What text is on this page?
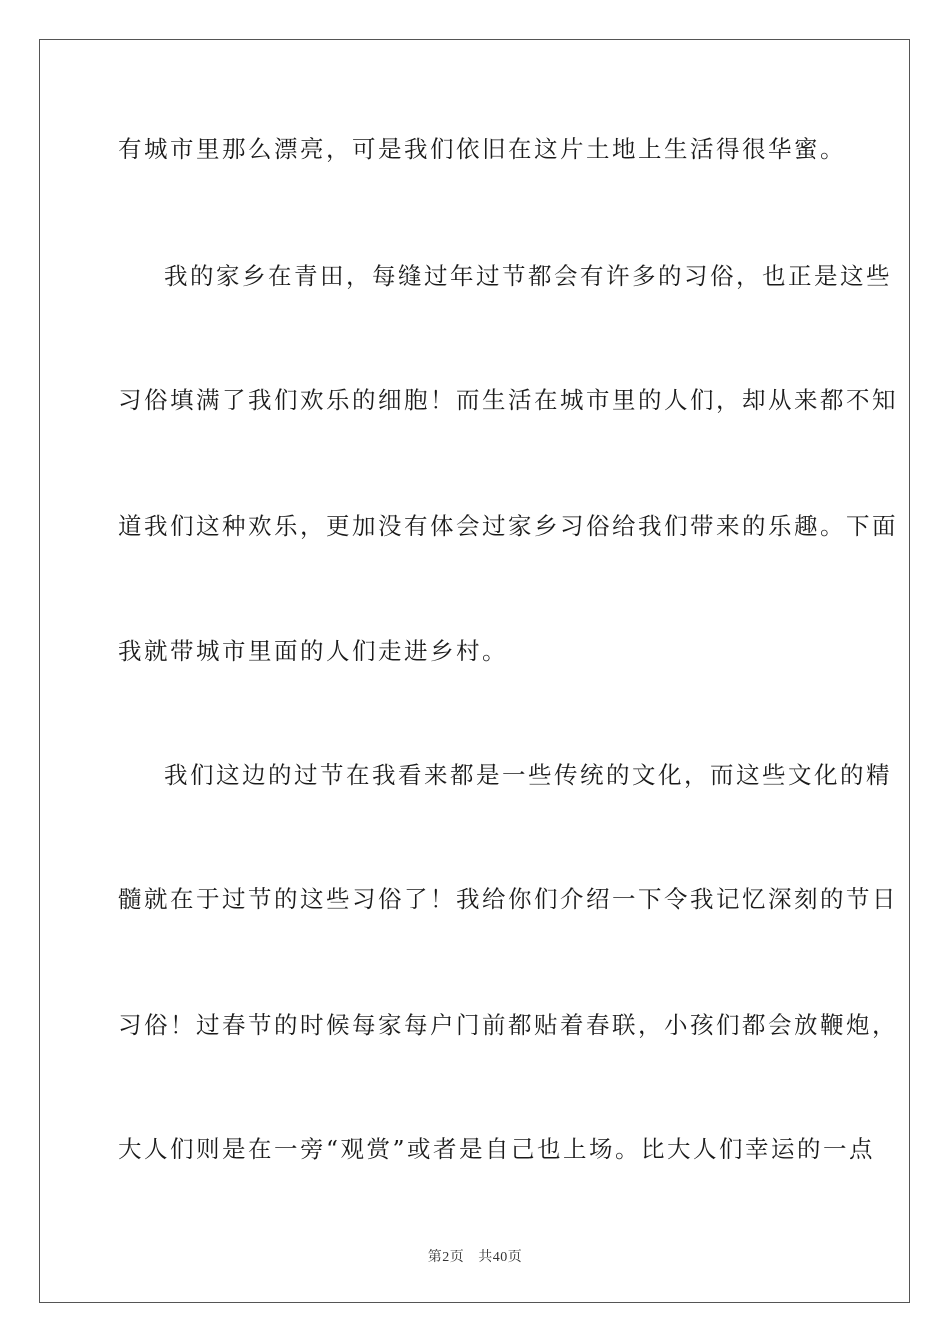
有城市里那么漂亮，可是我们依旧在这片土地上生活得很华蜜。
我的家乡在青田，每缝过年过节都会有许多的习俗，也正是这些
习俗填满了我们欢乐的细胞！而生活在城市里的人们，却从来都不知
道我们这种欢乐，更加没有体会过家乡习俗给我们带来的乐趣。下面
我就带城市里面的人们走进乡村。
我们这边的过节在我看来都是一些传统的文化，而这些文化的精
髓就在于过节的这些习俗了！我给你们介绍一下令我记忆深刻的节日
习俗！过春节的时候每家每户门前都贴着春联，小孩们都会放鞭炮，
大人们则是在一旁“观赏”或者是自己也上场。比大人们幸运的一点
第2页 共40页
